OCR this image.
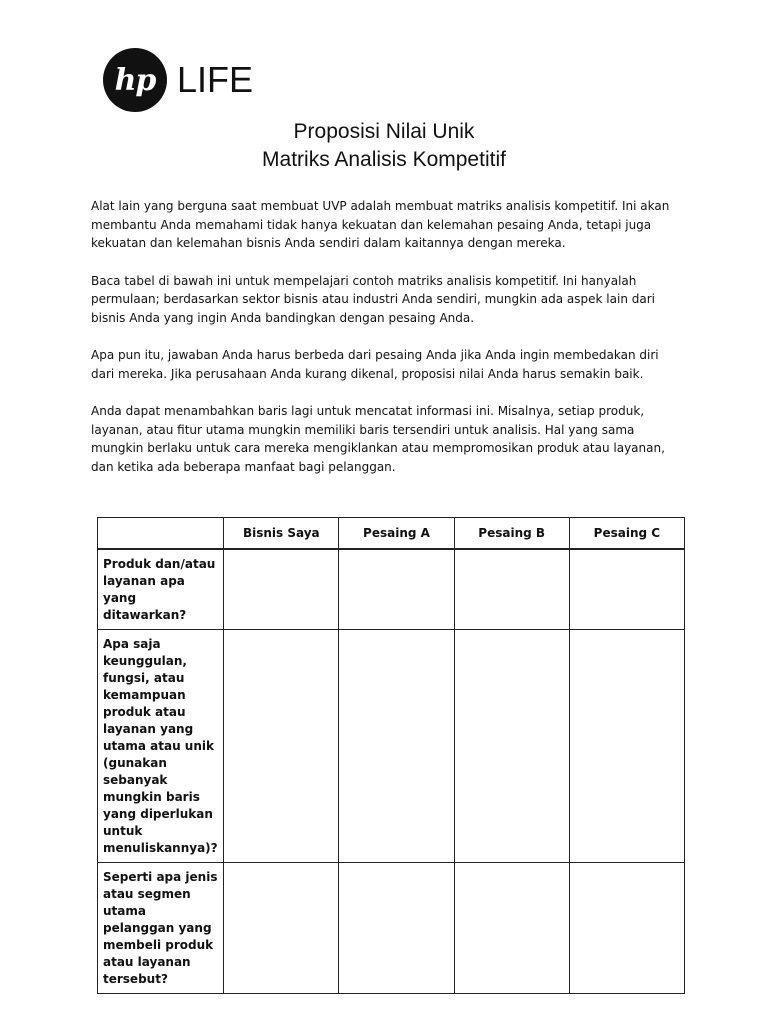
hp LIFE
Proposisi Nilai Unik
Matriks Analisis Kompetitif

Alat lain yang berguna saat membuat UVP adalah membuat matriks analisis kompetitif. Ini akan membantu Anda memahami tidak hanya kekuatan dan kelemahan pesaing Anda, tetapi juga kekuatan dan kelemahan bisnis Anda sendiri dalam kaitannya dengan mereka.

Baca tabel di bawah ini untuk mempelajari contoh matriks analisis kompetitif. Ini hanyalah permulaan; berdasarkan sektor bisnis atau industri Anda sendiri, mungkin ada aspek lain dari bisnis Anda yang ingin Anda bandingkan dengan pesaing Anda.

Apa pun itu, jawaban Anda harus berbeda dari pesaing Anda jika Anda ingin membedakan diri dari mereka. Jika perusahaan Anda kurang dikenal, proposisi nilai Anda harus semakin baik.

Anda dapat menambahkan baris lagi untuk mencatat informasi ini. Misalnya, setiap produk, layanan, atau fitur utama mungkin memiliki baris tersendiri untuk analisis. Hal yang sama mungkin berlaku untuk cara mereka mengiklankan atau mempromosikan produk atau layanan, dan ketika ada beberapa manfaat bagi pelanggan.

	Bisnis Saya	Pesaing A	Pesaing B	Pesaing C
Produk dan/atau layanan apa yang ditawarkan?				
Apa saja keunggulan, fungsi, atau kemampuan produk atau layanan yang utama atau unik (gunakan sebanyak mungkin baris yang diperlukan untuk menuliskannya)?				
Seperti apa jenis atau segmen utama pelanggan yang membeli produk atau layanan tersebut?				
